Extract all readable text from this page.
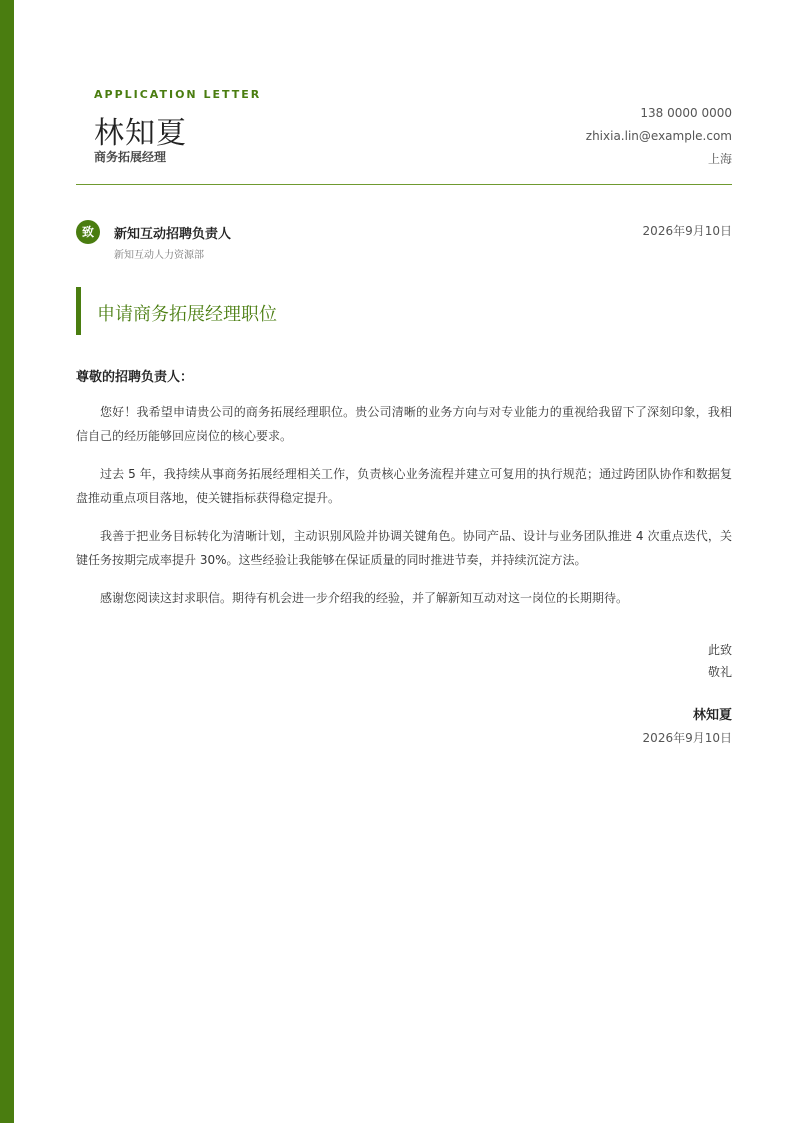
APPLICATION LETTER
林知夏
商务拓展经理
138 0000 0000
zhixia.lin@example.com
上海
致	新知互动招聘负责人
新知互动人力资源部
2026年9月10日
申请商务拓展经理职位
尊敬的招聘负责人：
您好！我希望申请贵公司的商务拓展经理职位。贵公司清晰的业务方向与对专业能力的重视给我留下了深刻印象，我相信自己的经历能够回应岗位的核心要求。
过去 5 年，我持续从事商务拓展经理相关工作，负责核心业务流程并建立可复用的执行规范；通过跨团队协作和数据复盘推动重点项目落地，使关键指标获得稳定提升。
我善于把业务目标转化为清晰计划，主动识别风险并协调关键角色。协同产品、设计与业务团队推进 4 次重点迭代，关键任务按期完成率提升 30%。这些经验让我能够在保证质量的同时推进节奏，并持续沉淀方法。
感谢您阅读这封求职信。期待有机会进一步介绍我的经验，并了解新知互动对这一岗位的长期期待。
此致
敬礼
林知夏
2026年9月10日
